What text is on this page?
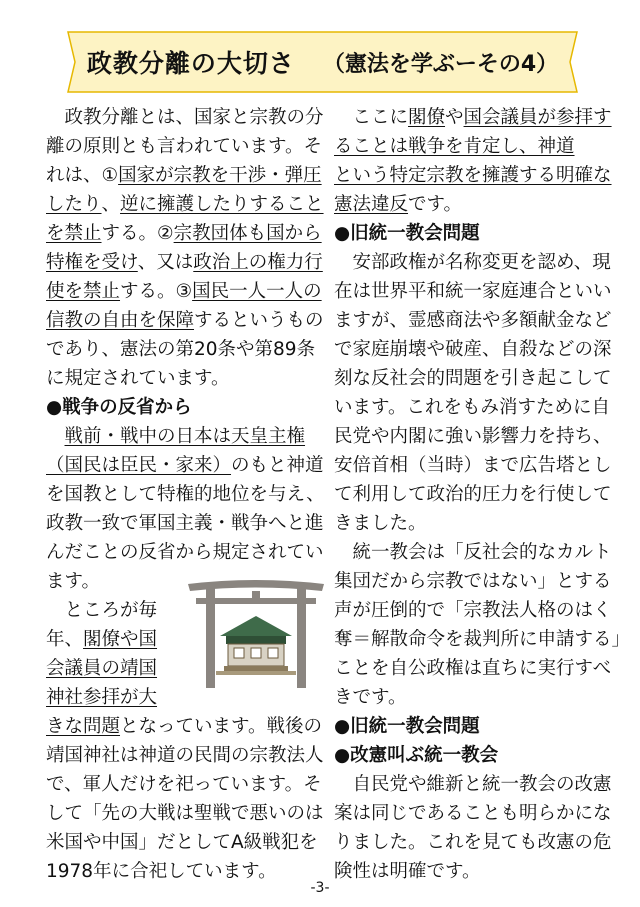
政教分離の大切さ （憲法を学ぶーその4）
　政教分離とは、国家と宗教の分
離の原則とも言われています。そ
れは、①国家が宗教を干渉・弾圧
したり、逆に擁護したりすること
を禁止する。②宗教団体も国から
特権を受け、又は政治上の権力行
使を禁止する。③国民一人一人の
信教の自由を保障するというもの
であり、憲法の第20条や第89条
に規定されています。
●戦争の反省から
　戦前・戦中の日本は天皇主権
（国民は臣民・家来）のもと神道
を国教として特権的地位を与え、
政教一致で軍国主義・戦争へと進
んだことの反省から規定されてい
ます。
　ところが毎
年、閣僚や国
会議員の靖国
神社参拝が大
きな問題となっています。戦後の
靖国神社は神道の民間の宗教法人
で、軍人だけを祀っています。そ
して「先の大戦は聖戦で悪いのは
米国や中国」だとしてA級戦犯を
1978年に合祀しています。
　ここに閣僚や国会議員が参拝す
ることは戦争を肯定し、神道
という特定宗教を擁護する明確な
憲法違反です。
●旧統一教会問題
　安部政権が名称変更を認め、現
在は世界平和統一家庭連合といい
ますが、霊感商法や多額献金など
で家庭崩壊や破産、自殺などの深
刻な反社会的問題を引き起こして
います。これをもみ消すために自
民党や内閣に強い影響力を持ち、
安倍首相（当時）まで広告塔とし
て利用して政治的圧力を行使して
きました。
　統一教会は「反社会的なカルト
集団だから宗教ではない」とする
声が圧倒的で「宗教法人格のはく
奪＝解散命令を裁判所に申請する」
ことを自公政権は直ちに実行すべ
きです。
●旧統一教会問題
●改憲叫ぶ統一教会
　自民党や維新と統一教会の改憲
案は同じであることも明らかにな
りました。これを見ても改憲の危
険性は明確です。
-3-
